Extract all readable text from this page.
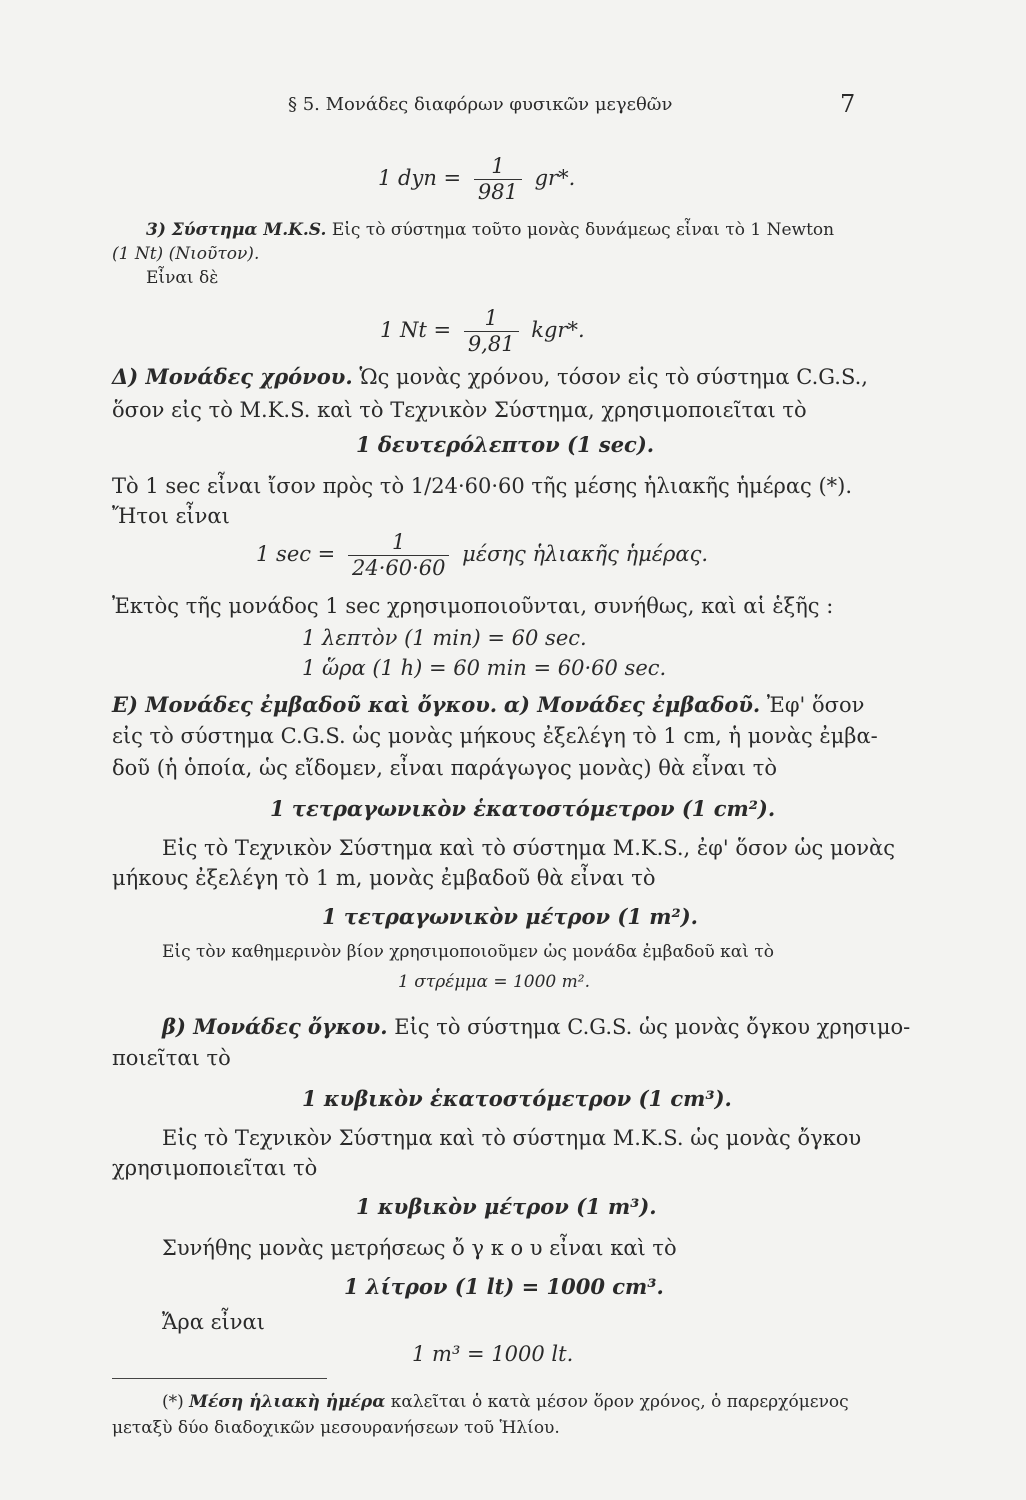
§ 5. Μονάδες διαφόρων φυσικῶν μεγεθῶν	7
1 dyn = $\frac{1}{981} gr*$.
3) Σύστημα M.K.S. Εἰς τὸ σύστημα τοῦτο μονὰς δυνάμεως εἶναι τὸ 1 Newton
(1 Nt) (Νιοῦτον).
Εἶναι δὲ
1 $Nt = \frac{1}{9,81} kgr*$.
Δ) Μονάδες χρόνου. Ὡς μονὰς χρόνου, τόσον εἰς τὸ σύστημα C.G.S.,
ὅσον εἰς τὸ M.K.S. καὶ τὸ Τεχνικὸν Σύστημα, χρησιμοποιεῖται τὸ
1 δευτερόλεπτον (1 sec).
Τὸ 1 sec εἶναι ἴσον πρὸς τὸ 1/24·60·60 τῆς μέσης ἡλιακῆς ἡμέρας (*).
Ἤτοι εἶναι
1 $\sec = \frac{1}{24\cdot 60\cdot 60}$ μέσης ἡλιακῆς ἡμέρας.
Ἐκτὸς τῆς μονάδος 1 sec χρησιμοποιοῦνται, συνήθως, καὶ αἱ ἑξῆς :
1 λεπτὸν (1 min) = 60 sec.
1 ὥρα (1 h) = 60 min = 60·60 sec.
Ε) Μονάδες ἐμβαδοῦ καὶ ὄγκου. α) Μονάδες ἐμβαδοῦ. Ἐφ' ὅσον
εἰς τὸ σύστημα C.G.S. ὡς μονὰς μήκους ἐξελέγη τὸ 1 cm, ἡ μονὰς ἐμβα-
δοῦ (ἡ ὁποία, ὡς εἴδομεν, εἶναι παράγωγος μονὰς) θὰ εἶναι τὸ
1 τετραγωνικὸν ἑκατοστόμετρον (1 cm²).
Εἰς τὸ Τεχνικὸν Σύστημα καὶ τὸ σύστημα M.K.S., ἐφ' ὅσον ὡς μονὰς
μήκους ἐξελέγη τὸ 1 m, μονὰς ἐμβαδοῦ θὰ εἶναι τὸ
1 τετραγωνικὸν μέτρον (1 m²).
Εἰς τὸν καθημερινὸν βίον χρησιμοποιοῦμεν ὡς μονάδα ἐμβαδοῦ καὶ τὸ
1 στρέμμα = 1000 m².
β) Μονάδες ὄγκου. Εἰς τὸ σύστημα C.G.S. ὡς μονὰς ὄγκου χρησιμο-
ποιεῖται τὸ
1 κυβικὸν ἑκατοστόμετρον (1 cm³).
Εἰς τὸ Τεχνικὸν Σύστημα καὶ τὸ σύστημα M.K.S. ὡς μονὰς ὄγκου
χρησιμοποιεῖται τὸ
1 κυβικὸν μέτρον (1 m³).
Συνήθης μονὰς μετρήσεως ὄ γ κ ο υ εἶναι καὶ τὸ
1 λίτρον (1 lt) = 1000 cm³.
Ἄρα εἶναι
1 m³ = 1000 lt.
(*) Μέση ἡλιακὴ ἡμέρα καλεῖται ὁ κατὰ μέσον ὅρον χρόνος, ὁ παρερχόμενος
μεταξὺ δύο διαδοχικῶν μεσουρανήσεων τοῦ Ἡλίου.
